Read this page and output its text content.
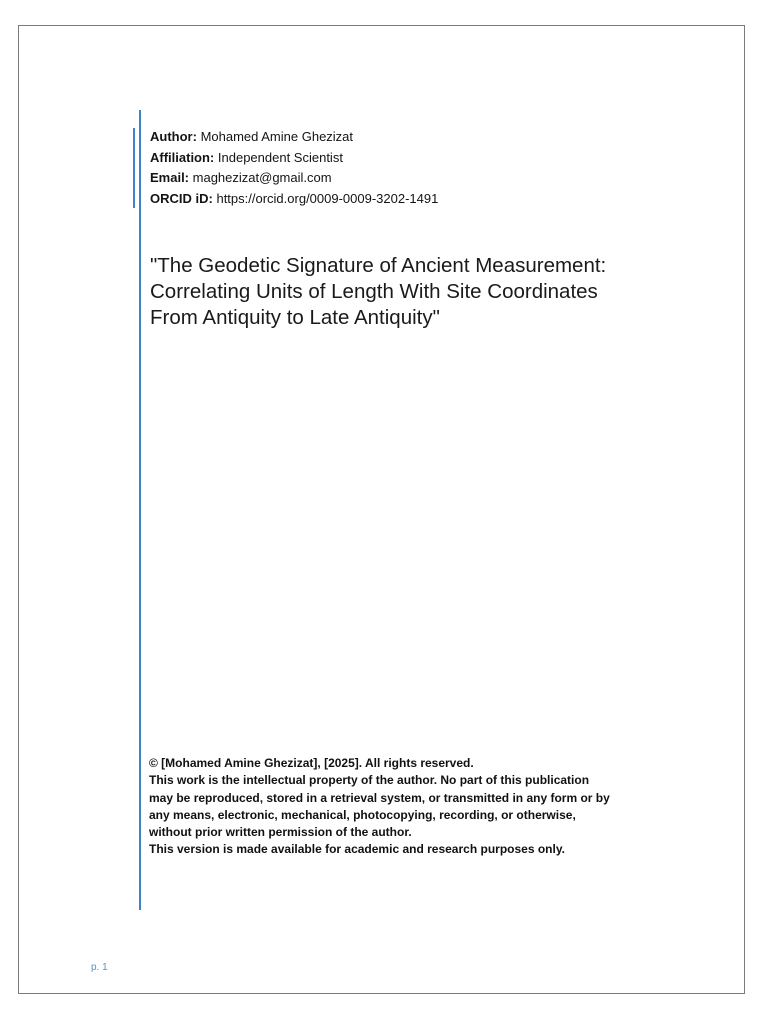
Author: Mohamed Amine Ghezizat
Affiliation: Independent Scientist
Email: maghezizat@gmail.com
ORCID iD: https://orcid.org/0009-0009-3202-1491
"The Geodetic Signature of Ancient Measurement:
Correlating Units of Length With Site Coordinates
From Antiquity to Late Antiquity"
© [Mohamed Amine Ghezizat], [2025]. All rights reserved.
This work is the intellectual property of the author. No part of this publication
may be reproduced, stored in a retrieval system, or transmitted in any form or by
any means, electronic, mechanical, photocopying, recording, or otherwise,
without prior written permission of the author.
This version is made available for academic and research purposes only.
p. 1
